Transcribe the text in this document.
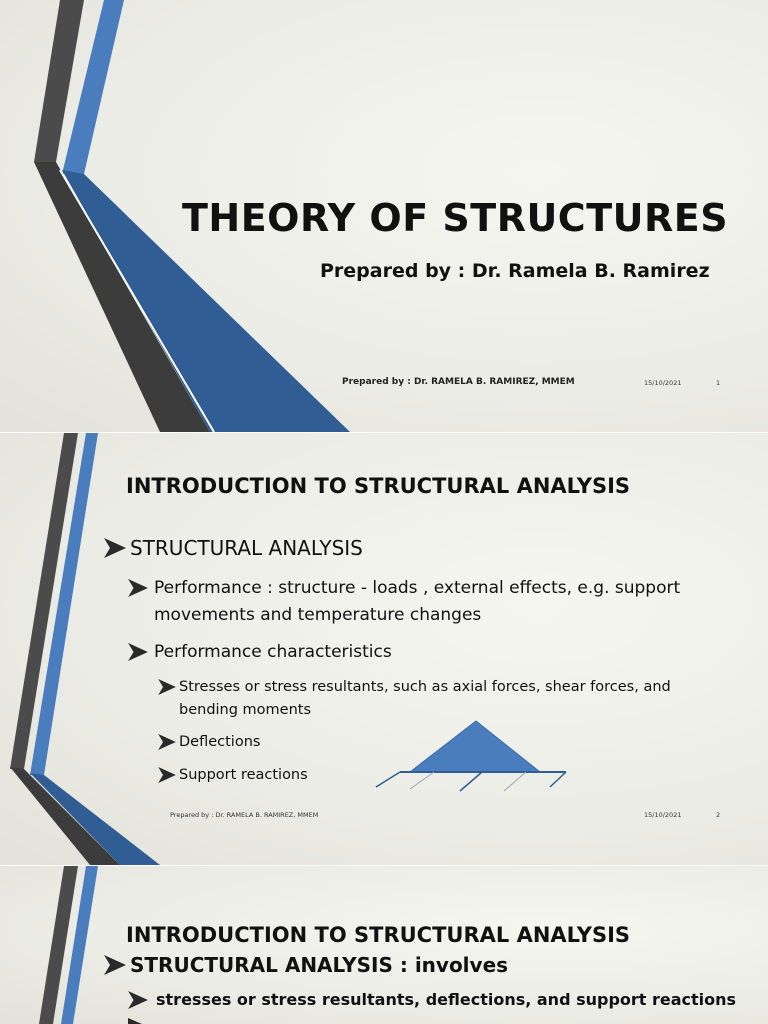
THEORY OF STRUCTURES
Prepared by : Dr. Ramela B. Ramirez
Prepared by : Dr. RAMELA B. RAMIREZ, MMEM	15/10/2021	1
INTRODUCTION TO STRUCTURAL ANALYSIS
STRUCTURAL ANALYSIS
Performance : structure - loads , external effects, e.g. support movements and temperature changes
Performance characteristics
Stresses or stress resultants, such as axial forces, shear forces, and bending moments
Deflections
Support reactions
Prepared by : Dr. RAMELA B. RAMIREZ, MMEM	15/10/2021	2
INTRODUCTION TO STRUCTURAL ANALYSIS
STRUCTURAL ANALYSIS : involves
stresses or stress resultants, deflections, and support reactions
